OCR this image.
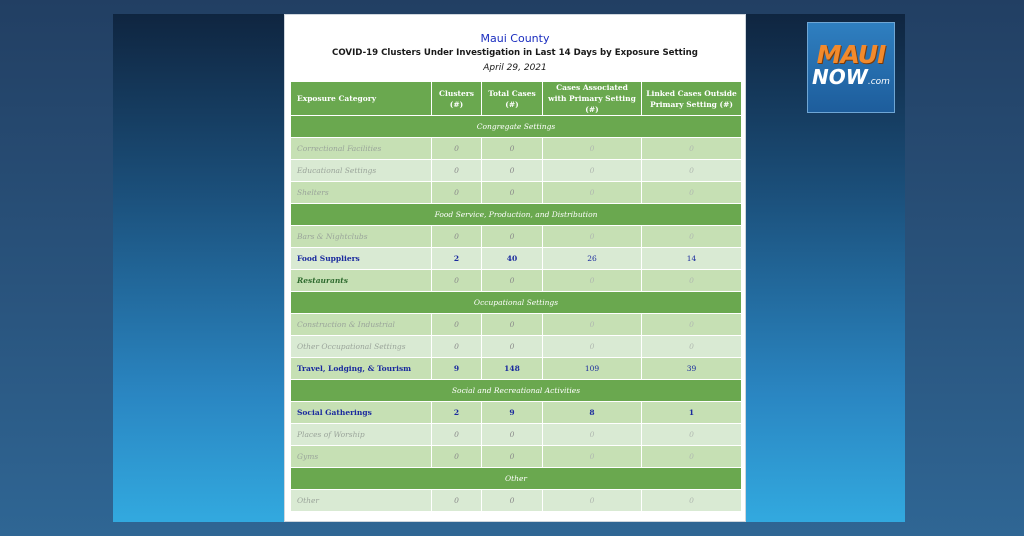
MAUI
NOW.com
Maui County
COVID-19 Clusters Under Investigation in Last 14 Days by Exposure Setting
April 29, 2021
Exposure Category	Clusters (#)	Total Cases (#)	Cases Associated with Primary Setting (#)	Linked Cases Outside Primary Setting (#)
Congregate Settings				
Correctional Facilities	0	0	0	0
Educational Settings	0	0	0	0
Shelters	0	0	0	0
Food Service, Production, and Distribution				
Bars & Nightclubs	0	0	0	0
Food Suppliers	2	40	26	14
Restaurants	0	0	0	0
Occupational Settings				
Construction & Industrial	0	0	0	0
Other Occupational Settings	0	0	0	0
Travel, Lodging, & Tourism	9	148	109	39
Social and Recreational Activities				
Social Gatherings	2	9	8	1
Places of Worship	0	0	0	0
Gyms	0	0	0	0
Other				
Other	0	0	0	0
